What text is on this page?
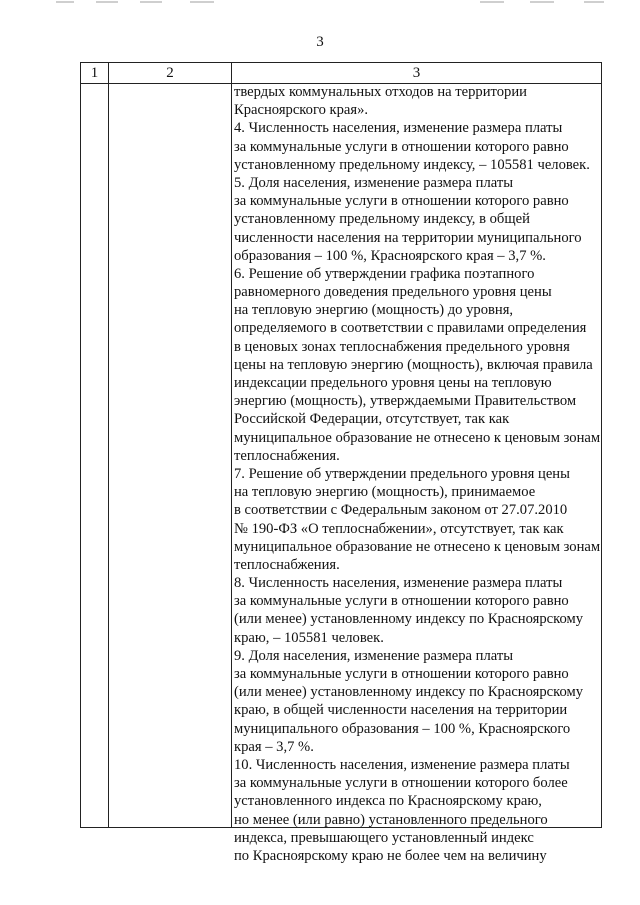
3
1	2	3
твердых коммунальных отходов на территории
Красноярского края».
4. Численность населения, изменение размера платы
за коммунальные услуги в отношении которого равно
установленному предельному индексу, – 105581 человек.
5. Доля населения, изменение размера платы
за коммунальные услуги в отношении которого равно
установленному предельному индексу, в общей
численности населения на территории муниципального
образования – 100 %, Красноярского края – 3,7 %.
6. Решение об утверждении графика поэтапного
равномерного доведения предельного уровня цены
на тепловую энергию (мощность) до уровня,
определяемого в соответствии с правилами определения
в ценовых зонах теплоснабжения предельного уровня
цены на тепловую энергию (мощность), включая правила
индексации предельного уровня цены на тепловую
энергию (мощность), утверждаемыми Правительством
Российской Федерации, отсутствует, так как
муниципальное образование не отнесено к ценовым зонам
теплоснабжения.
7. Решение об утверждении предельного уровня цены
на тепловую энергию (мощность), принимаемое
в соответствии с Федеральным законом от 27.07.2010
№ 190-ФЗ «О теплоснабжении», отсутствует, так как
муниципальное образование не отнесено к ценовым зонам
теплоснабжения.
8. Численность населения, изменение размера платы
за коммунальные услуги в отношении которого равно
(или менее) установленному индексу по Красноярскому
краю, – 105581 человек.
9. Доля населения, изменение размера платы
за коммунальные услуги в отношении которого равно
(или менее) установленному индексу по Красноярскому
краю, в общей численности населения на территории
муниципального образования – 100 %, Красноярского
края – 3,7 %.
10. Численность населения, изменение размера платы
за коммунальные услуги в отношении которого более
установленного индекса по Красноярскому краю,
но менее (или равно) установленного предельного
индекса, превышающего установленный индекс
по Красноярскому краю не более чем на величину
